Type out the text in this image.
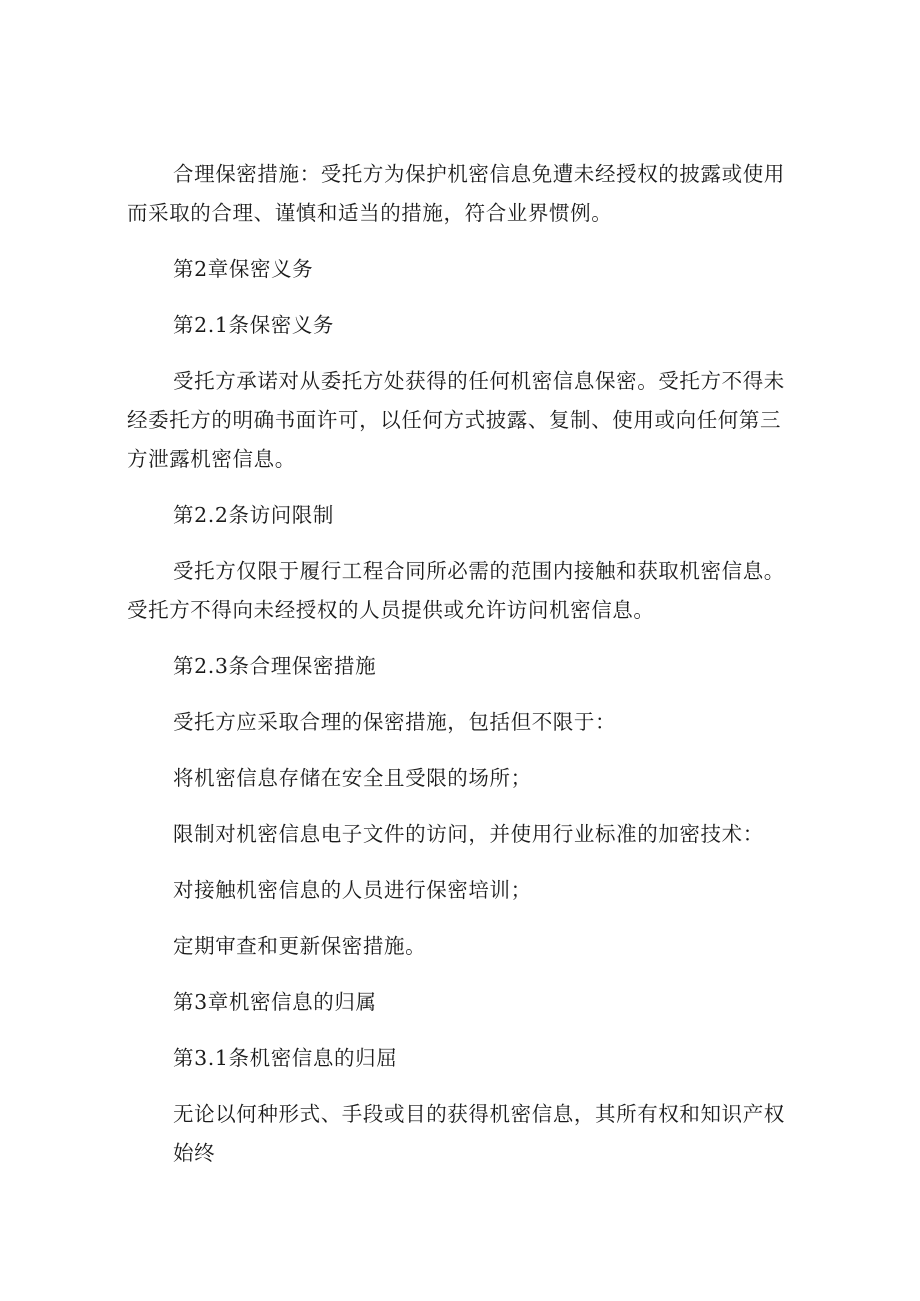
合理保密措施：受托方为保护机密信息免遭未经授权的披露或使用而采取的合理、谨慎和适当的措施，符合业界惯例。

第2章保密义务

第2.1条保密义务

受托方承诺对从委托方处获得的任何机密信息保密。受托方不得未经委托方的明确书面许可，以任何方式披露、复制、使用或向任何第三方泄露机密信息。

第2.2条访问限制

受托方仅限于履行工程合同所必需的范围内接触和获取机密信息。受托方不得向未经授权的人员提供或允许访问机密信息。

第2.3条合理保密措施

受托方应采取合理的保密措施，包括但不限于：

将机密信息存储在安全且受限的场所；

限制对机密信息电子文件的访问，并使用行业标准的加密技术：

对接触机密信息的人员进行保密培训；

定期审查和更新保密措施。

第3章机密信息的归属

第3.1条机密信息的归屈

无论以何种形式、手段或目的获得机密信息，其所有权和知识产权始终
